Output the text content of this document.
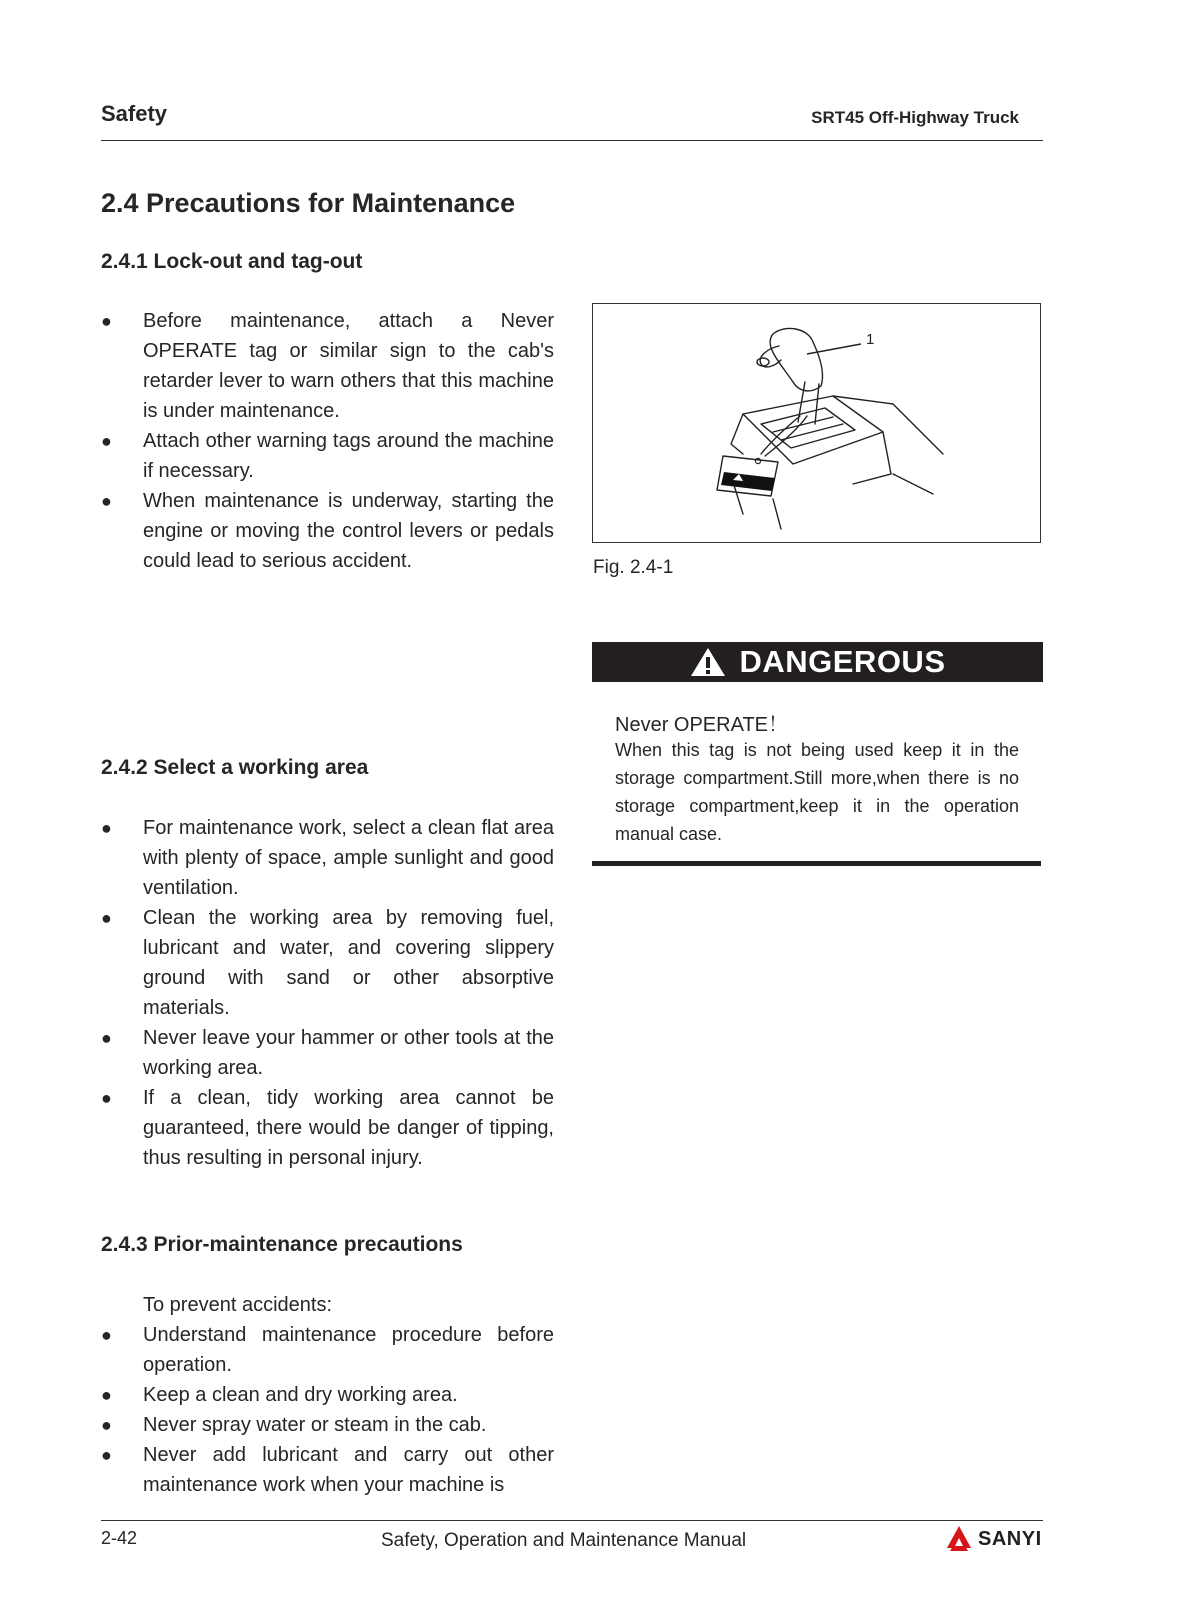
Safety	SRT45 Off-Highway Truck
2.4 Precautions for Maintenance
2.4.1 Lock-out and tag-out
● Before maintenance, attach a Never OPERATE tag or similar sign to the cab's retarder lever to warn others that this machine is under maintenance.
● Attach other warning tags around the machine if necessary.
● When maintenance is underway, starting the engine or moving the control levers or pedals could lead to serious accident.
1
Fig. 2.4-1
DANGEROUS
Never OPERATE！
When this tag is not being used keep it in the storage compartment.Still more,when there is no storage compartment,keep it in the operation manual case.
2.4.2 Select a working area
● For maintenance work, select a clean flat area with plenty of space, ample sunlight and good ventilation.
● Clean the working area by removing fuel, lubricant and water, and covering slippery ground with sand or other absorptive materials.
● Never leave your hammer or other tools at the working area.
● If a clean, tidy working area cannot be guaranteed, there would be danger of tipping, thus resulting in personal injury.
2.4.3 Prior-maintenance precautions
To prevent accidents:
● Understand maintenance procedure before operation.
● Keep a clean and dry working area.
● Never spray water or steam in the cab.
● Never add lubricant and carry out other maintenance work when your machine is
2-42	Safety, Operation and Maintenance Manual	SANYI
